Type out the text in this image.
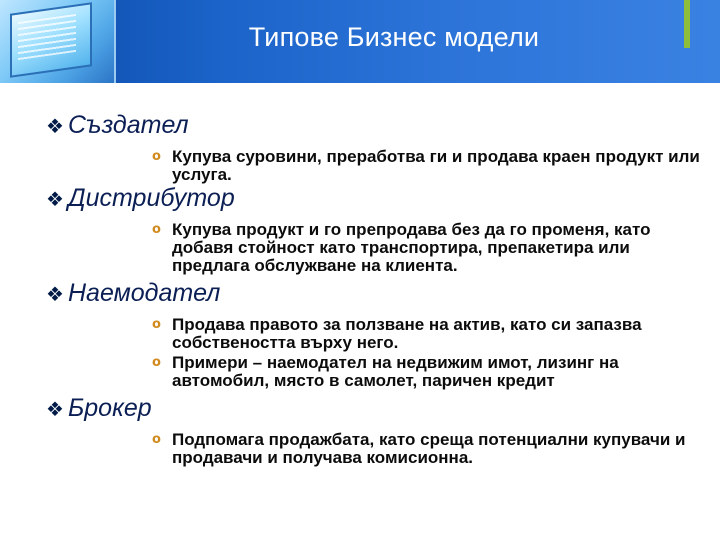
Типове Бизнес модели
❖ Създател
o Купува суровини, преработва ги и продава краен продукт или услуга.
❖ Дистрибутор
o Купува продукт и го препродава без да го променя, като добавя стойност като транспортира, препакетира или предлага обслужване на клиента.
❖ Наемодател
o Продава правото за ползване на актив, като си запазва собствеността върху него.
o Примери – наемодател на недвижим имот, лизинг на автомобил, място в самолет, паричен кредит
❖ Брокер
o Подпомага продажбата, като среща потенциални купувачи и продавачи и получава комисионна.
